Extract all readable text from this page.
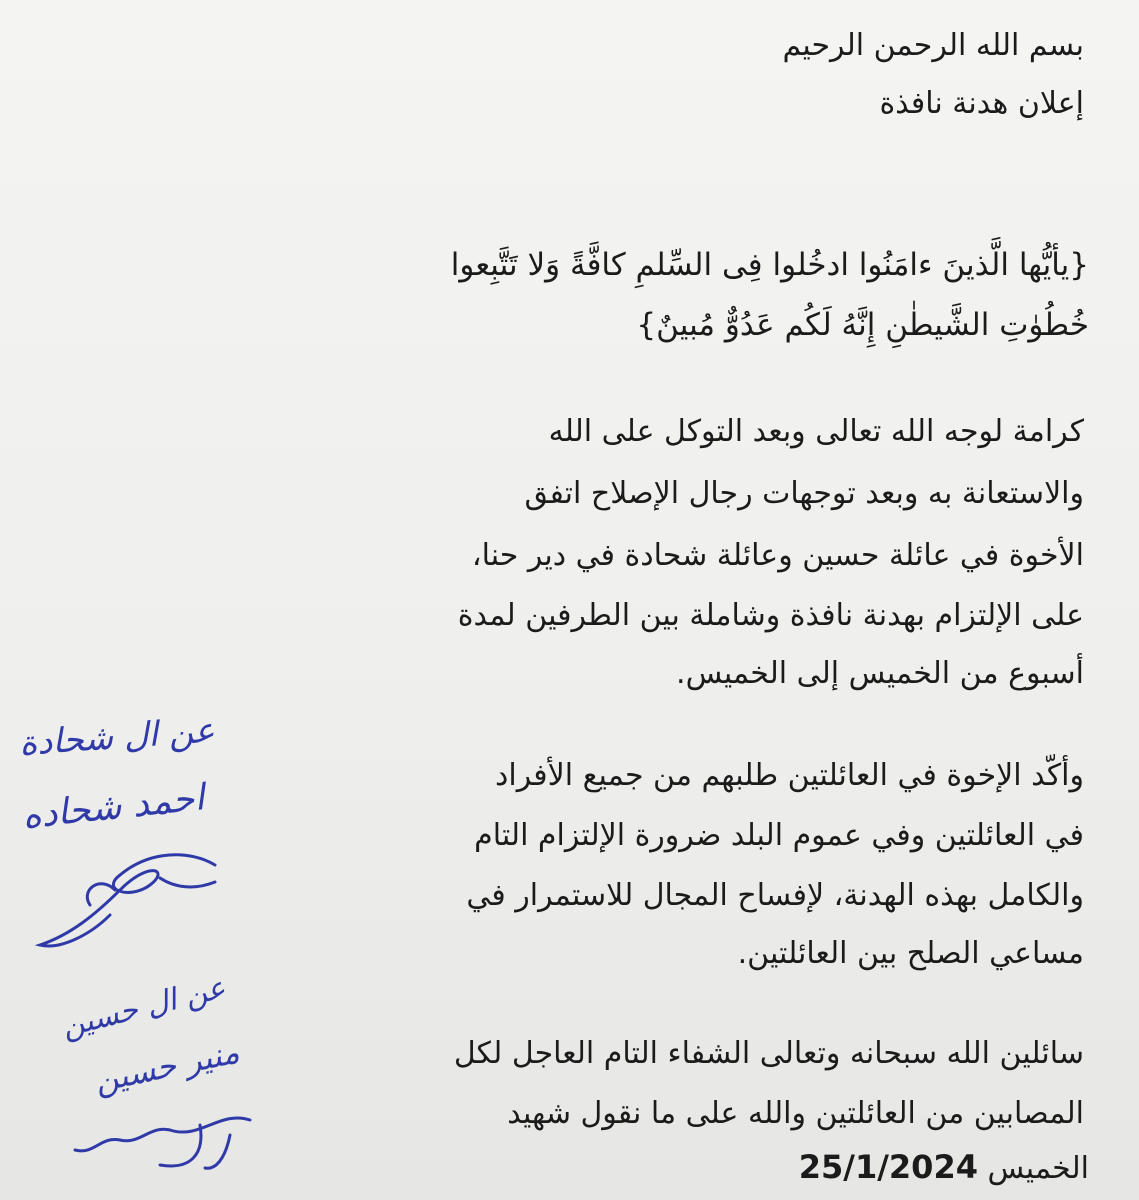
بسم الله الرحمن الرحيم
إعلان هدنة نافذة
{يأيُّها الَّذينَ ءامَنُوا ادخُلوا فِى السِّلمِ كافَّةً وَلا تَتَّبِعوا
خُطُوٰتِ الشَّيطٰنِ إِنَّهُ لَكُم عَدُوٌّ مُبينٌ}
كرامة لوجه الله تعالى وبعد التوكل على الله
والاستعانة به وبعد توجهات رجال الإصلاح اتفق
الأخوة في عائلة حسين وعائلة شحادة في دير حنا،
على الإلتزام بهدنة نافذة وشاملة بين الطرفين لمدة
أسبوع من الخميس إلى الخميس.
وأكّد الإخوة في العائلتين طلبهم من جميع الأفراد
في العائلتين وفي عموم البلد ضرورة الإلتزام التام
والكامل بهذه الهدنة، لإفساح المجال للاستمرار في
مساعي الصلح بين العائلتين.
سائلين الله سبحانه وتعالى الشفاء التام العاجل لكل
المصابين من العائلتين والله على ما نقول شهيد
الخميس 25/1/2024
عن ال شحادة
احمد شحاده
عن ال حسين
منير حسين
